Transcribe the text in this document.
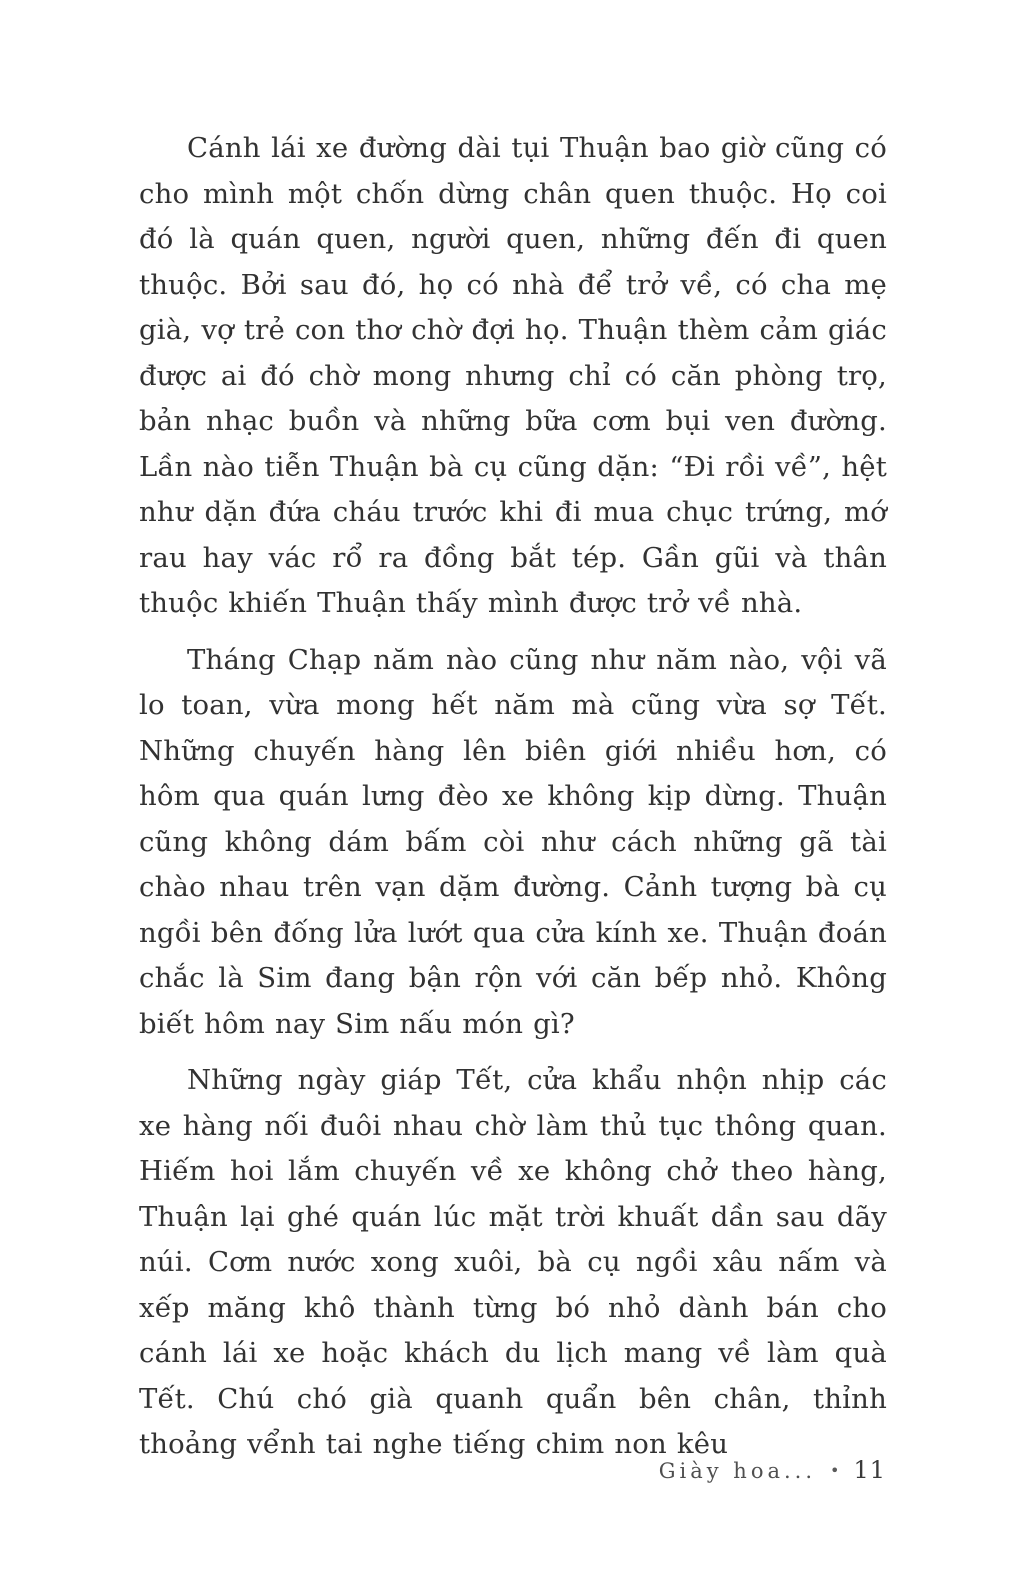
Cánh lái xe đường dài tụi Thuận bao giờ cũng có cho mình một chốn dừng chân quen thuộc. Họ coi đó là quán quen, người quen, những đến đi quen thuộc. Bởi sau đó, họ có nhà để trở về, có cha mẹ già, vợ trẻ con thơ chờ đợi họ. Thuận thèm cảm giác được ai đó chờ mong nhưng chỉ có căn phòng trọ, bản nhạc buồn và những bữa cơm bụi ven đường. Lần nào tiễn Thuận bà cụ cũng dặn: “Đi rồi về”, hệt như dặn đứa cháu trước khi đi mua chục trứng, mớ rau hay vác rổ ra đồng bắt tép. Gần gũi và thân thuộc khiến Thuận thấy mình được trở về nhà.

Tháng Chạp năm nào cũng như năm nào, vội vã lo toan, vừa mong hết năm mà cũng vừa sợ Tết. Những chuyến hàng lên biên giới nhiều hơn, có hôm qua quán lưng đèo xe không kịp dừng. Thuận cũng không dám bấm còi như cách những gã tài chào nhau trên vạn dặm đường. Cảnh tượng bà cụ ngồi bên đống lửa lướt qua cửa kính xe. Thuận đoán chắc là Sim đang bận rộn với căn bếp nhỏ. Không biết hôm nay Sim nấu món gì?

Những ngày giáp Tết, cửa khẩu nhộn nhịp các xe hàng nối đuôi nhau chờ làm thủ tục thông quan. Hiếm hoi lắm chuyến về xe không chở theo hàng, Thuận lại ghé quán lúc mặt trời khuất dần sau dãy núi. Cơm nước xong xuôi, bà cụ ngồi xâu nấm và xếp măng khô thành từng bó nhỏ dành bán cho cánh lái xe hoặc khách du lịch mang về làm quà Tết. Chú chó già quanh quẩn bên chân, thỉnh thoảng vểnh tai nghe tiếng chim non kêu

Giày hoa... • 11
